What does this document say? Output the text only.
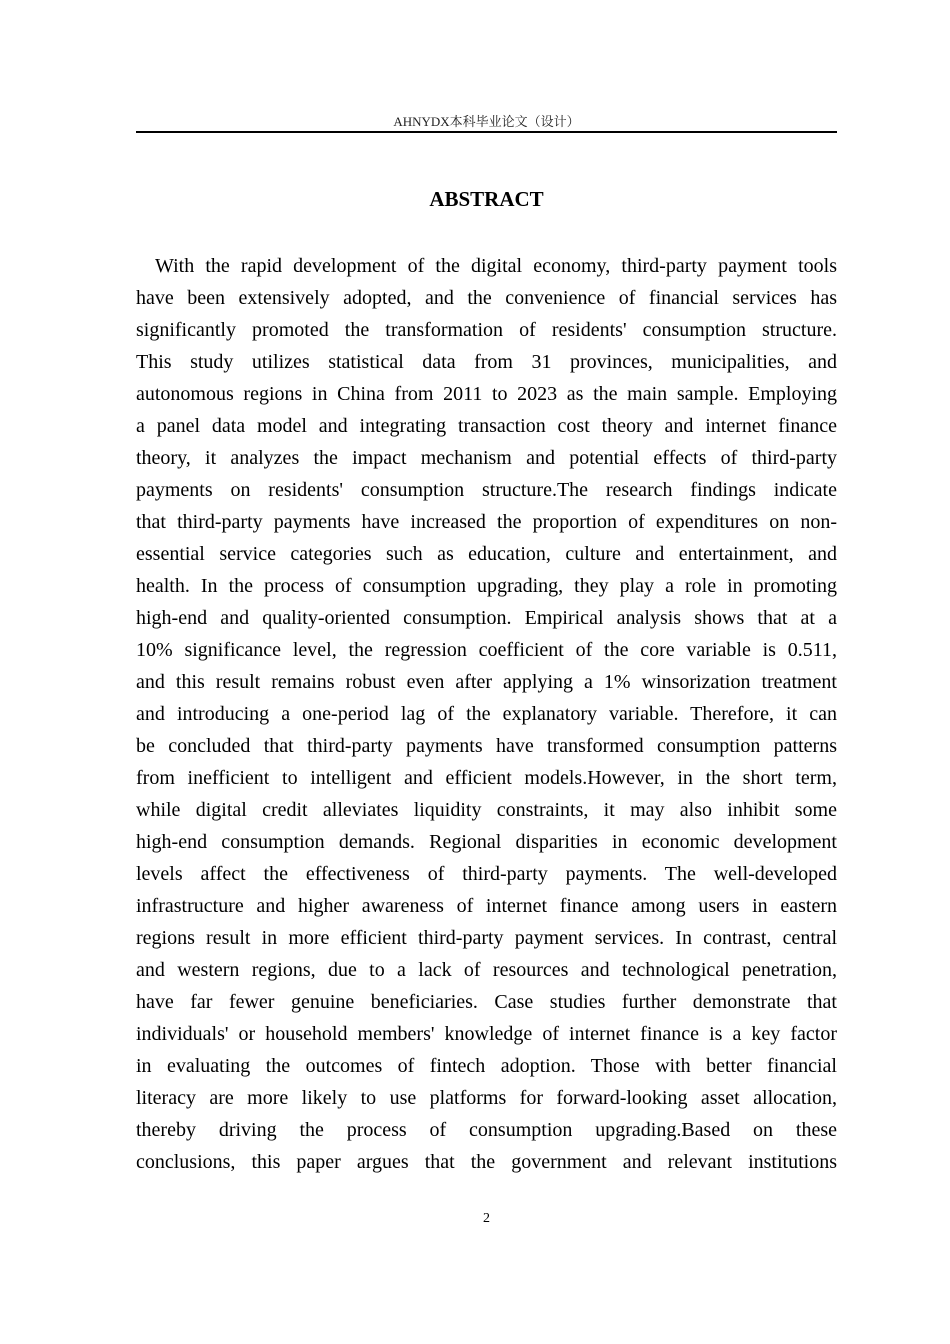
AHNYDX本科毕业论文（设计）
ABSTRACT
With the rapid development of the digital economy, third-party payment tools
have been extensively adopted, and the convenience of financial services has
significantly promoted the transformation of residents' consumption structure.
This study utilizes statistical data from 31 provinces, municipalities, and
autonomous regions in China from 2011 to 2023 as the main sample. Employing
a panel data model and integrating transaction cost theory and internet finance
theory, it analyzes the impact mechanism and potential effects of third-party
payments on residents' consumption structure.The research findings indicate
that third-party payments have increased the proportion of expenditures on non-
essential service categories such as education, culture and entertainment, and
health. In the process of consumption upgrading, they play a role in promoting
high-end and quality-oriented consumption. Empirical analysis shows that at a
10% significance level, the regression coefficient of the core variable is 0.511,
and this result remains robust even after applying a 1% winsorization treatment
and introducing a one-period lag of the explanatory variable. Therefore, it can
be concluded that third-party payments have transformed consumption patterns
from inefficient to intelligent and efficient models.However, in the short term,
while digital credit alleviates liquidity constraints, it may also inhibit some
high-end consumption demands. Regional disparities in economic development
levels affect the effectiveness of third-party payments. The well-developed
infrastructure and higher awareness of internet finance among users in eastern
regions result in more efficient third-party payment services. In contrast, central
and western regions, due to a lack of resources and technological penetration,
have far fewer genuine beneficiaries. Case studies further demonstrate that
individuals' or household members' knowledge of internet finance is a key factor
in evaluating the outcomes of fintech adoption. Those with better financial
literacy are more likely to use platforms for forward-looking asset allocation,
thereby driving the process of consumption upgrading.Based on these
conclusions, this paper argues that the government and relevant institutions
2
